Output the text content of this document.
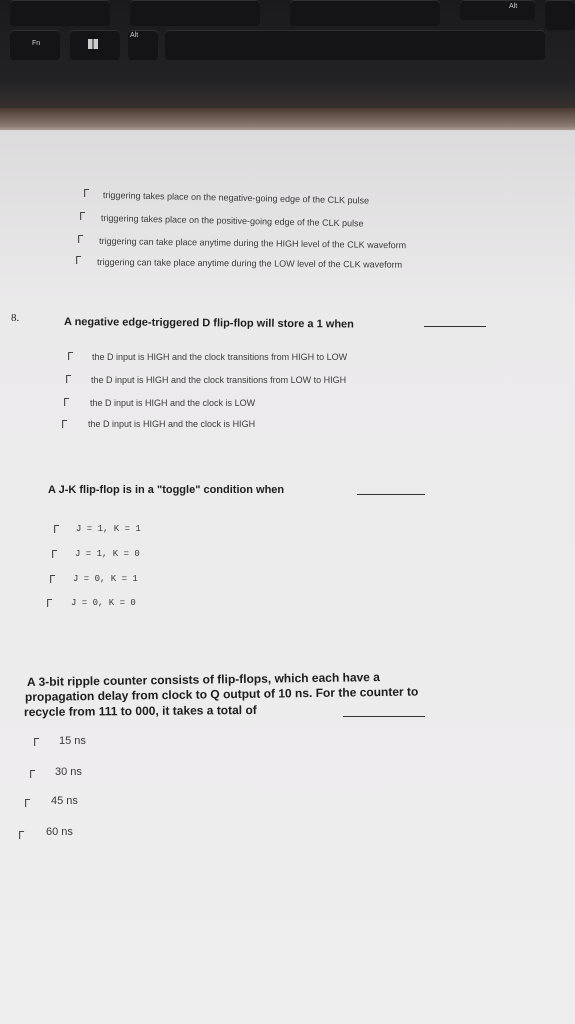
Fn
Alt
Alt
ᒥ triggering takes place on the negative-going edge of the CLK pulse
ᒥ triggering takes place on the positive-going edge of the CLK pulse
ᒥ triggering can take place anytime during the HIGH level of the CLK waveform
ᒥ triggering can take place anytime during the LOW level of the CLK waveform
8.	A negative edge-triggered D flip-flop will store a 1 when
ᒥ the D input is HIGH and the clock transitions from HIGH to LOW
ᒥ the D input is HIGH and the clock transitions from LOW to HIGH
ᒥ the D input is HIGH and the clock is LOW
ᒥ the D input is HIGH and the clock is HIGH
A J-K flip-flop is in a "toggle" condition when
ᒥ J = 1, K = 1
ᒥ J = 1, K = 0
ᒥ J = 0, K = 1
ᒥ J = 0, K = 0
A 3-bit ripple counter consists of flip-flops, which each have a
propagation delay from clock to Q output of 10 ns. For the counter to
recycle from 111 to 000, it takes a total of
ᒥ 15 ns
ᒥ 30 ns
ᒥ 45 ns
ᒥ 60 ns
